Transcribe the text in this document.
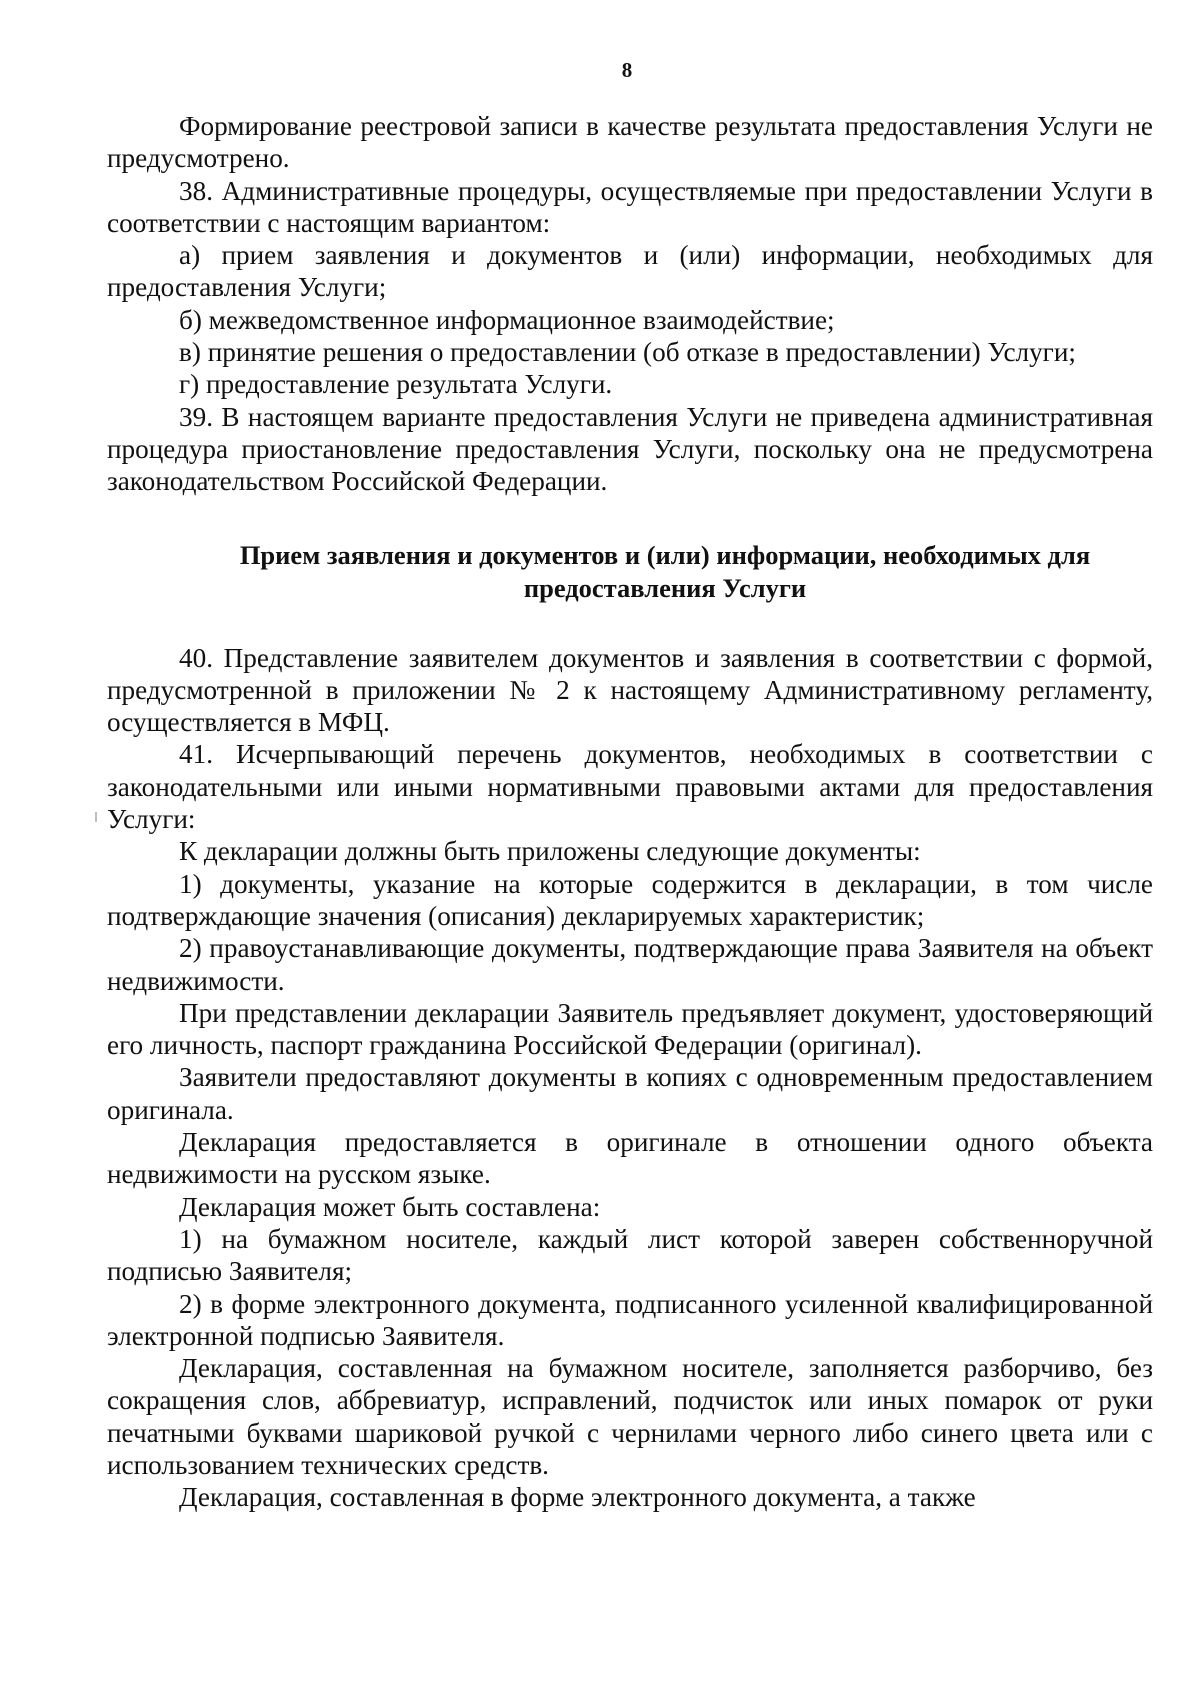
8

Формирование реестровой записи в качестве результата предоставления Услуги не предусмотрено.

38. Административные процедуры, осуществляемые при предоставлении Услуги в соответствии с настоящим вариантом:

а) прием заявления и документов и (или) информации, необходимых для предоставления Услуги;

б) межведомственное информационное взаимодействие;

в) принятие решения о предоставлении (об отказе в предоставлении) Услуги;

г) предоставление результата Услуги.

39. В настоящем варианте предоставления Услуги не приведена административная процедура приостановление предоставления Услуги, поскольку она не предусмотрена законодательством Российской Федерации.

Прием заявления и документов и (или) информации, необходимых для предоставления Услуги

40. Представление заявителем документов и заявления в соответствии с формой, предусмотренной в приложении № 2 к настоящему Административному регламенту, осуществляется в МФЦ.

41. Исчерпывающий перечень документов, необходимых в соответствии с законодательными или иными нормативными правовыми актами для предоставления Услуги:

К декларации должны быть приложены следующие документы:

1) документы, указание на которые содержится в декларации, в том числе подтверждающие значения (описания) декларируемых характеристик;

2) правоустанавливающие документы, подтверждающие права Заявителя на объект недвижимости.

При представлении декларации Заявитель предъявляет документ, удостоверяющий его личность, паспорт гражданина Российской Федерации (оригинал).

Заявители предоставляют документы в копиях с одновременным предоставлением оригинала.

Декларация предоставляется в оригинале в отношении одного объекта недвижимости на русском языке.

Декларация может быть составлена:

1) на бумажном носителе, каждый лист которой заверен собственноручной подписью Заявителя;

2) в форме электронного документа, подписанного усиленной квалифицированной электронной подписью Заявителя.

Декларация, составленная на бумажном носителе, заполняется разборчиво, без сокращения слов, аббревиатур, исправлений, подчисток или иных помарок от руки печатными буквами шариковой ручкой с чернилами черного либо синего цвета или с использованием технических средств.

Декларация, составленная в форме электронного документа, а также
